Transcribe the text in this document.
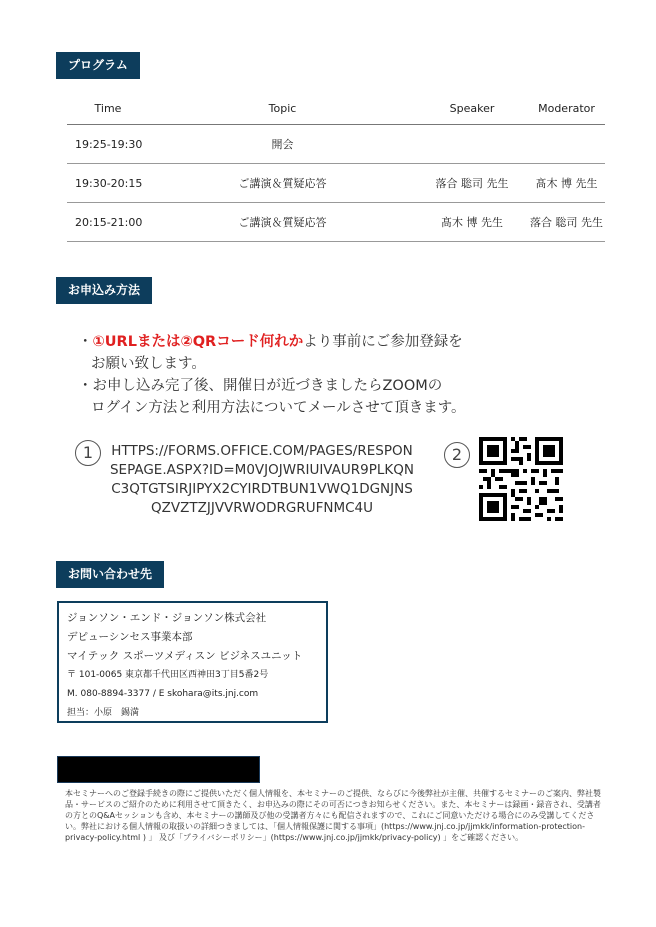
プログラム
Time	Topic	Speaker	Moderator
19:25-19:30	開会		
19:30-20:15	ご講演＆質疑応答	落合 聡司 先生	髙木 博 先生
20:15-21:00	ご講演＆質疑応答	髙木 博 先生	落合 聡司 先生
お申込み方法
・①URLまたは②QRコード何れかより事前にご参加登録を
お願い致します。
・お申し込み完了後、開催日が近づきましたらZOOMの
ログイン方法と利用方法についてメールさせて頂きます。
1	HTTPS://FORMS.OFFICE.COM/PAGES/RESPONSEPAGE.ASPX?ID=M0VJOJWRIUIVAUR9PLKQNC3QTGTSIRJIPYX2CYIRDTBUN1VWQ1DGNJNSQZVZTZJJVVRWODRGRUFNMC4U
2
お問い合わせ先
ジョンソン・エンド・ジョンソン株式会社
デピューシンセス事業本部
マイテック スポーツメディスン ビジネスユニット
〒 101-0065 東京都千代田区西神田3丁目5番2号
M. 080-8894-3377 / E skohara@its.jnj.com
担当：小原　錫満
本セミナーへのご登録手続きの際にご提供いただく個人情報を、本セミナーのご提供、ならびに今後弊社が主催、共催するセミナーのご案内、弊社製品・サービスのご紹介のために利用させて頂きたく、お申込みの際にその可否につきお知らせください。また、本セミナーは録画・録音され、受講者の方とのQ&Aセッションも含め、本セミナーの講師及び他の受講者方々にも配信されますので、これにご同意いただける場合にのみ受講してください。弊社における個人情報の取扱いの詳細つきましては、「個人情報保護に関する事項」(https://www.jnj.co.jp/jjmkk/information-protection-privacy-policy.html ) 」 及び「プライバシーポリシー」(https://www.jnj.co.jp/jjmkk/privacy-policy) 」をご確認ください。
